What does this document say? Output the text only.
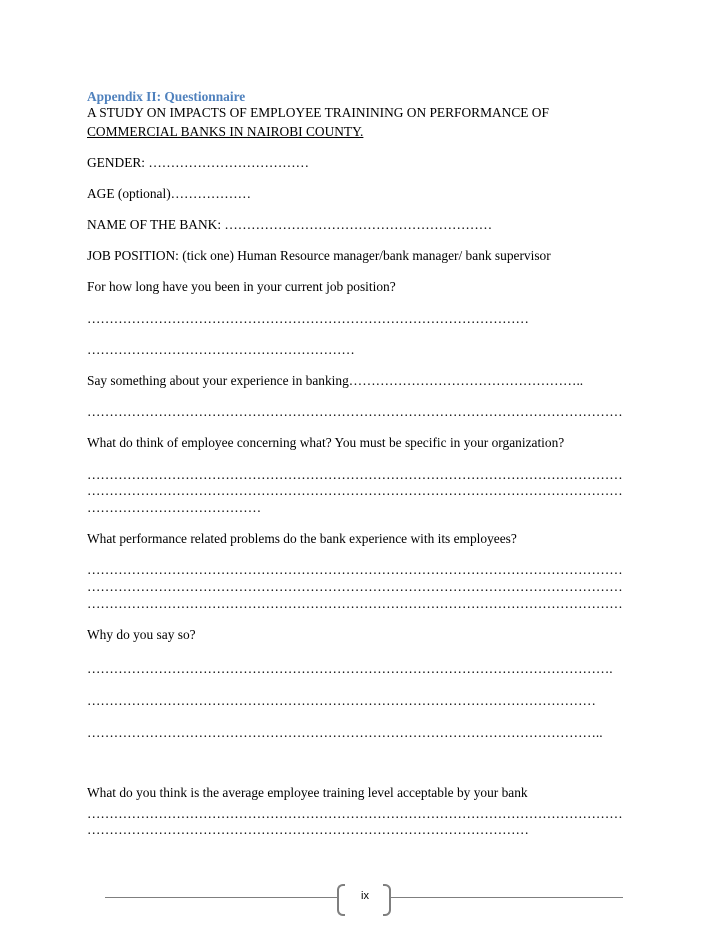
Appendix II: Questionnaire
A STUDY ON IMPACTS OF EMPLOYEE TRAININING ON PERFORMANCE OF
COMMERCIAL BANKS IN NAIROBI COUNTY.
GENDER: ………………………………
AGE (optional)………………
NAME OF THE BANK: ……………………………………………………
JOB POSITION: (tick one) Human Resource manager/bank manager/ bank supervisor
For how long have you been in your current job position?
………………………………………………………………………………………
……………………………………………………
Say something about your experience in banking……………………………………………..
…………………………………………………………………………………………………………
What do think of employee concerning what? You must be specific in your organization?
…………………………………………………………………………………………………………
…………………………………………………………………………………………………………
…………………………………
What performance related problems do the bank experience with its employees?
…………………………………………………………………………………………………………
…………………………………………………………………………………………………………
…………………………………………………………………………………………………………
Why do you say so?
……………………………………………………………………………………………………….
……………………………………………………………………………………………………
……………………………………………………………………………………………………..
What do you think is the average employee training level acceptable by your bank
…………………………………………………………………………………………………………
………………………………………………………………………………………
ix
